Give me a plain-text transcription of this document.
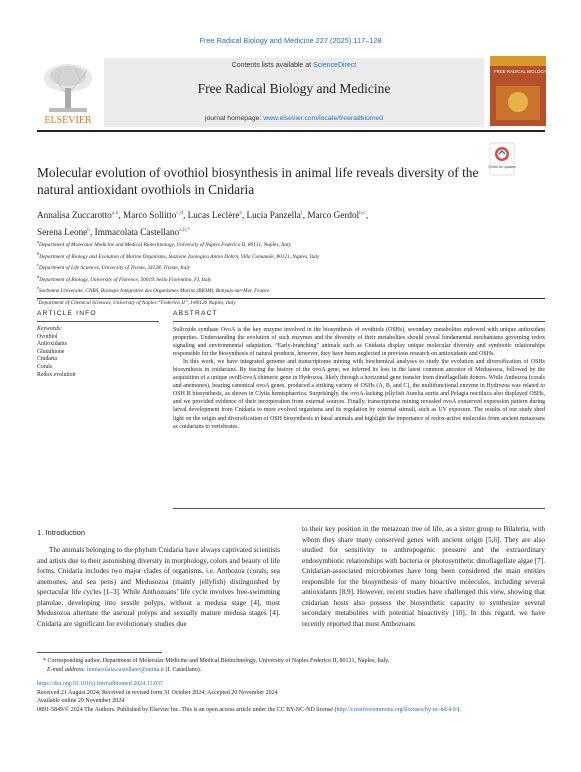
Free Radical Biology and Medicine 227 (2025) 117–128
ELSEVIER
Contents lists available at ScienceDirect
Free Radical Biology and Medicine
journal homepage: www.elsevier.com/locate/freeradbiomed
FREE RADICAL BIOLOGY & MEDICINE
Molecular evolution of ovothiol biosynthesis in animal life reveals diversity of the natural antioxidant ovothiols in Cnidaria
Check for updates
Annalisa Zuccarotto$^{a,b}$, Marco Sollitto$^{c,d}$, Lucas Leclère$^e$, Lucia Panzella$^f$, Marco Gerdol$^{b,c}$,
Serena Leone$^b$, Immacolata Castellano$^{a,b,*}$
$^a$Department of Molecular Medicine and Medical Biotechnology, University of Naples Federico II, 80131, Naples, Italy
$^b$Department of Biology and Evolution of Marine Organisms, Stazione Zoologica Anton Dohrn, Villa Comunale, 80121, Naples, Italy
$^c$Department of Life Sciences, University of Trieste, 34128, Trieste, Italy
$^d$Department of Biology, University of Florence, 50019, Sesto Fiorentino, FI, Italy
$^e$Sorbonne Université, CNRS, Biologie Intégrative des Organismes Marins (BIOM), Banyuls-sur-Mer, France
$^f$Department of Chemical Sciences, University of Naples “Federico II”, I-80126 Naples, Italy
ARTICLE INFO
Keywords:
Ovothiol
Antioxidants
Glutathione
Cnidaria
Corals
Redox evolution
ABSTRACT

Sulfoxide synthase OvoA is the key enzyme involved in the biosynthesis of ovothiols (OSHs), secondary metabolites endowed with unique antioxidant properties. Understanding the evolution of such enzymes and the diversity of their metabolites should reveal fundamental mechanisms governing redox signaling and environmental adaptation. “Early-branching” animals such as Cnidaria display unique molecular diversity and symbiotic relationships responsible for the biosynthesis of natural products, however, they have been neglected in previous research on antioxidants and OSHs.

In this work, we have integrated genome and transcriptome mining with biochemical analyses to study the evolution and diversification of OSHs biosynthesis in cnidarians. By tracing the history of the ovoA gene, we inferred its loss in the latest common ancestor of Medusozoa, followed by the acquisition of a unique ovoB/ovoA chimeric gene in Hydrozoa, likely through a horizontal gene transfer from dinoflagellate donors. While Anthozoa (corals and anemones), bearing canonical ovoA genes, produced a striking variety of OSHs (A, B, and C), the multifunctional enzyme in Hydrozoa was related to OSH B biosynthesis, as shown in Clytia hemisphaerica. Surprisingly, the ovoA-lacking jellyfish Aurelia aurita and Pelagia noctiluca also displayed OSHs, and we provided evidence of their incorporation from external sources. Finally, transcriptome mining revealed ovoA conserved expression pattern during larval development from Cnidaria to more evolved organisms and its regulation by external stimuli, such as UV exposure. The results of our study shed light on the origin and diversification of OSH biosynthesis in basal animals and highlight the importance of redox-active molecules from ancient metazoans as cnidarians to vertebrates.

1. Introduction

The animals belonging to the phylum Cnidaria have always captivated scientists and artists due to their astonishing diversity in morphology, colors and beauty of life forms. Cnidaria includes two major clades of organisms, i.e. Anthozoa (corals, sea anemones, and sea pens) and Medusozoa (mainly jellyfish) distinguished by spectacular life cycles [1–3]. While Anthozoans’ life cycle involves free-swimming planulae, developing into sessile polyps, without a medusa stage [4], most Medusozoa alternate the asexual polyps and sexually mature medusa stages [4]. Cnidaria are significant for evolutionary studies due

to their key position in the metazoan tree of life, as a sister group to Bilateria, with whom they share many conserved genes with ancient origin [5,6]. They are also studied for sensitivity to anthropogenic pressure and the extraordinary endosymbiotic relationships with bacteria or photosynthetic dinoflagellate algae [7]. Cnidarian-associated microbiomes have long been considered the main entities responsible for the biosynthesis of many bioactive molecules, including several antioxidants [8,9]. However, recent studies have challenged this view, showing that cnidarian hosts also possess the biosynthetic capacity to synthesize several secondary metabolites with potential bioactivity [10]. In this regard, we have recently reported that most Anthozoans

* Corresponding author. Department of Molecular Medicine and Medical Biotechnology, University of Naples Federico II, 80131, Naples, Italy.
E-mail address: immacolata.castellano@unina.it (I. Castellano).
https://doi.org/10.1016/j.freeradbiomed.2024.11.037
Received 21 August 2024; Received in revised form 31 October 2024; Accepted 20 November 2024
Available online 29 November 2024
0891-5849/© 2024 The Authors. Published by Elsevier Inc. This is an open access article under the CC BY-NC-ND license (http://creativecommons.org/licenses/by-nc-nd/4.0/).
